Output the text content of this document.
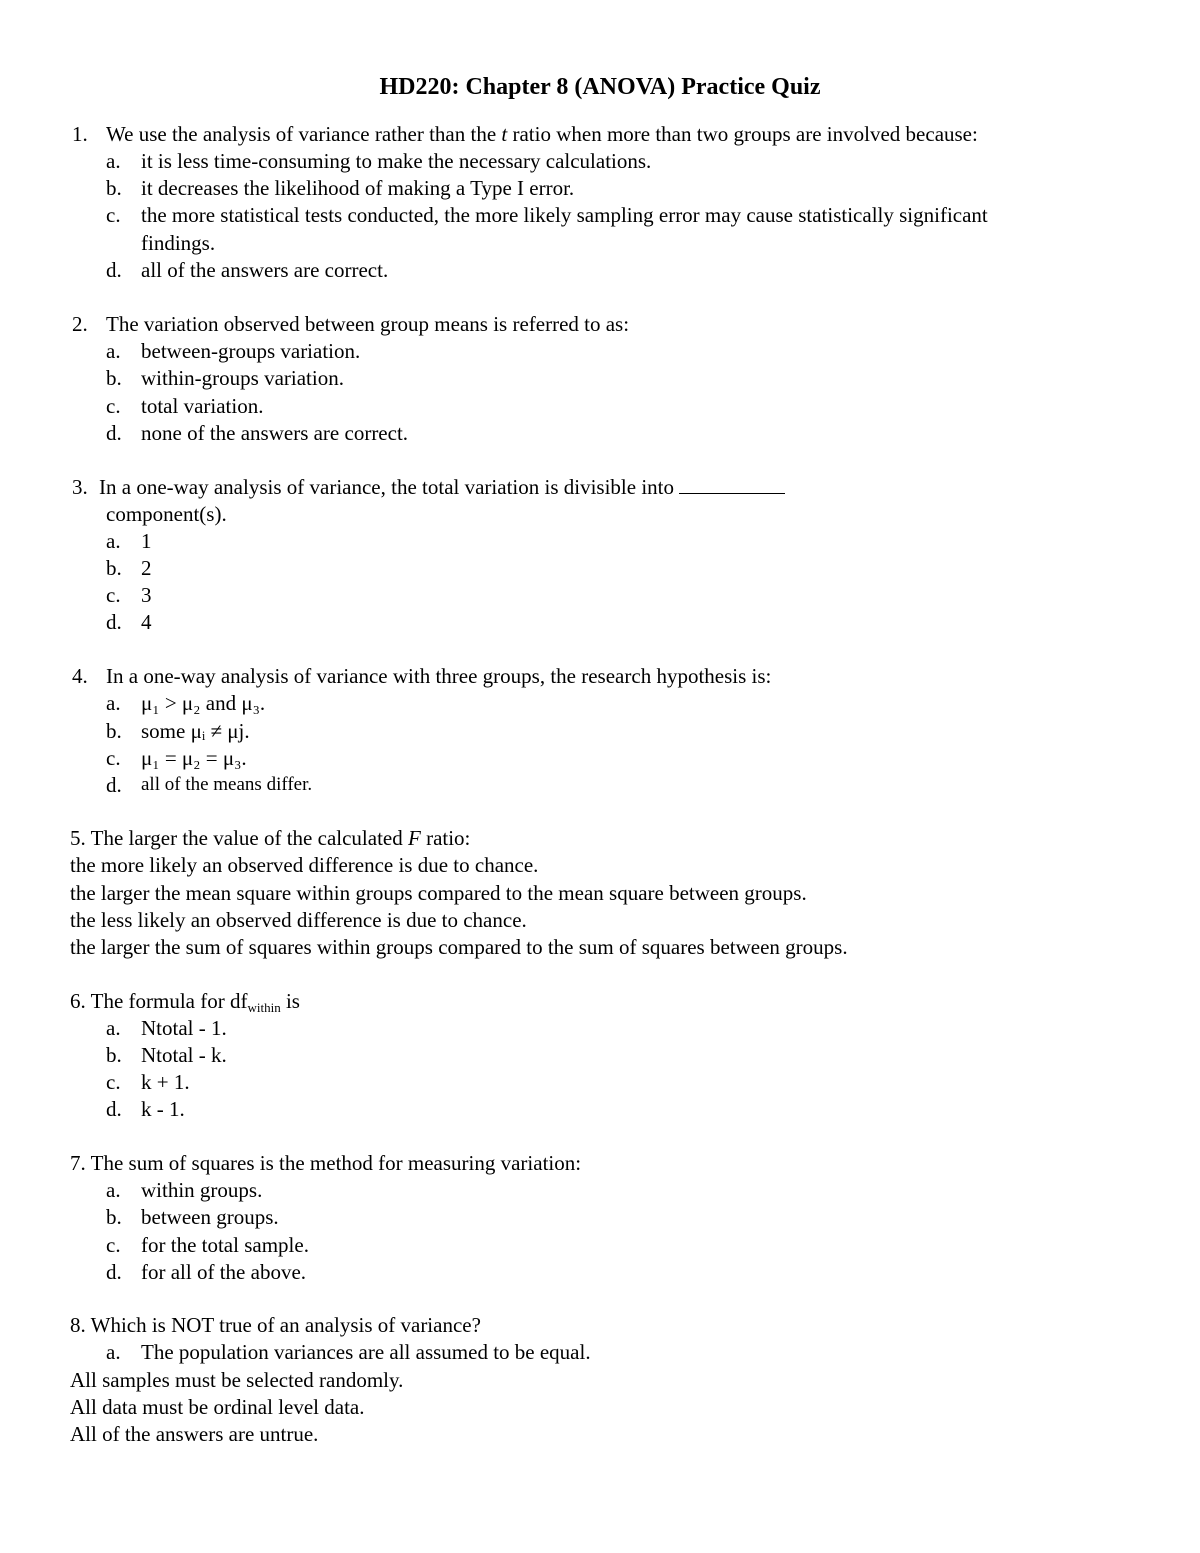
HD220: Chapter 8 (ANOVA) Practice Quiz
1. We use the analysis of variance rather than the t ratio when more than two groups are involved because:
a. it is less time-consuming to make the necessary calculations.
b. it decreases the likelihood of making a Type I error.
c. the more statistical tests conducted, the more likely sampling error may cause statistically significant
findings.
d. all of the answers are correct.
2. The variation observed between group means is referred to as:
a. between-groups variation.
b. within-groups variation.
c. total variation.
d. none of the answers are correct.
3. In a one-way analysis of variance, the total variation is divisible into
component(s).
a. 1
b. 2
c. 3
d. 4
4. In a one-way analysis of variance with three groups, the research hypothesis is:
a. μ₁ > μ₂ and μ₃.
b. some μᵢ ≠ μj.
c. μ₁ = μ₂ = μ₃.
d. all of the means differ.
5. The larger the value of the calculated F ratio:
the more likely an observed difference is due to chance.
the larger the mean square within groups compared to the mean square between groups.
the less likely an observed difference is due to chance.
the larger the sum of squares within groups compared to the sum of squares between groups.
6. The formula for $df_{within}$ is
a. Ntotal - 1.
b. Ntotal - k.
c. k + 1.
d. k - 1.
7. The sum of squares is the method for measuring variation:
a. within groups.
b. between groups.
c. for the total sample.
d. for all of the above.
8. Which is NOT true of an analysis of variance?
a. The population variances are all assumed to be equal.
All samples must be selected randomly.
All data must be ordinal level data.
All of the answers are untrue.
